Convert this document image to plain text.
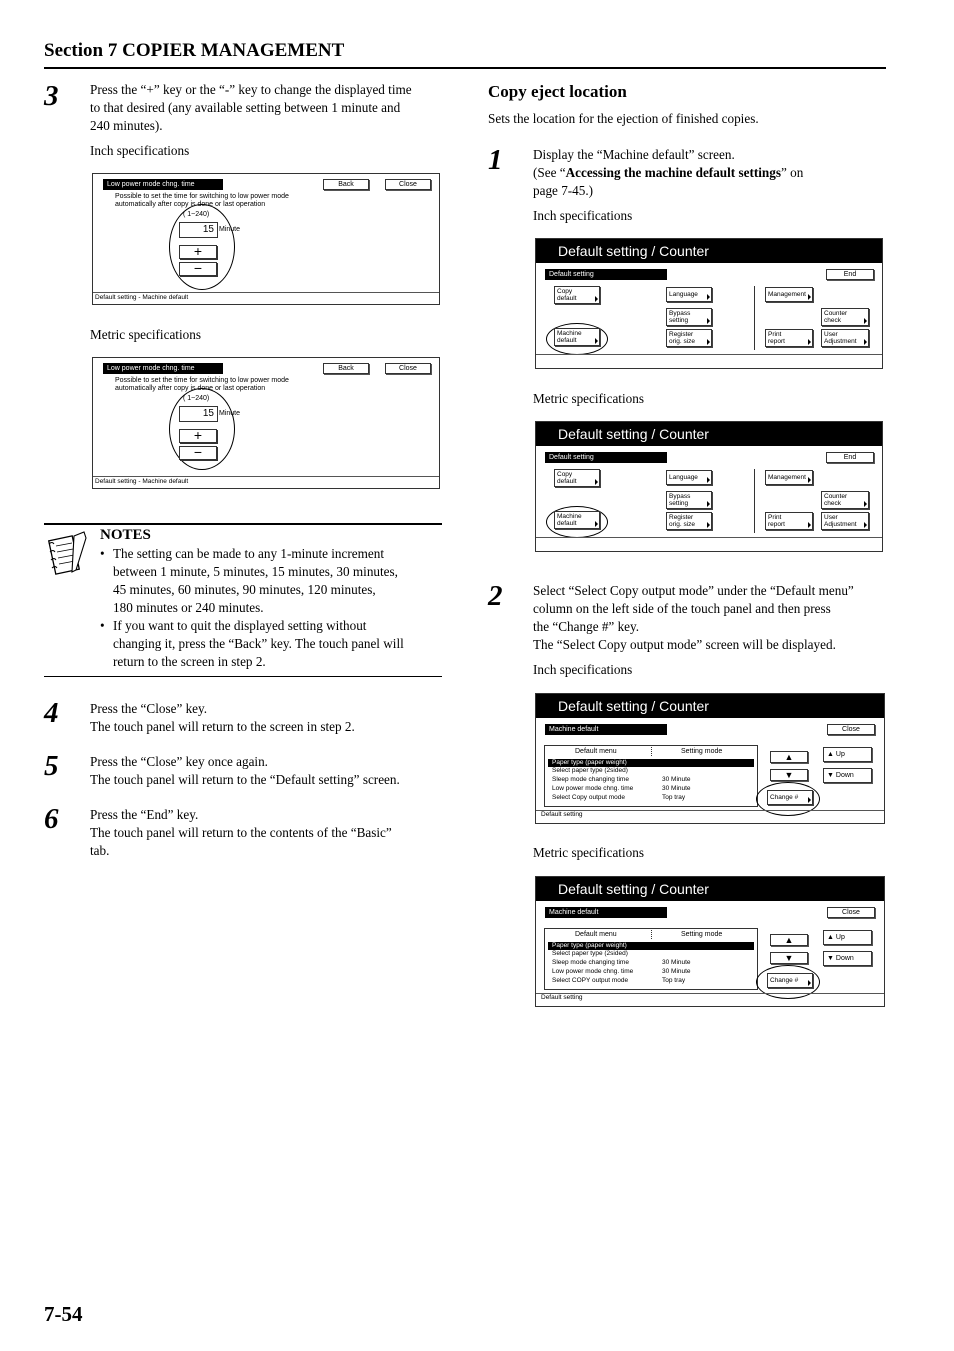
Section 7 COPIER MANAGEMENT
3 Press the “+” key or the “-” key to change the displayed time

to that desired (any available setting between 1 minute and

240 minutes).

Inch specifications
Low power mode chng. time	Back	Close
Possible to set the time for switching to low power mode
automatically after copy is done or last operation
( 1~240)
15 Minute
+
−
Default setting - Machine default
Metric specifications
Low power mode chng. time	Back	Close
Possible to set the time for switching to low power mode
automatically after copy is done or last operation
( 1~240)
15 Minute
+
−
Default setting - Machine default
NOTES
• The setting can be made to any 1-minute increment
between 1 minute, 5 minutes, 15 minutes, 30 minutes,
45 minutes, 60 minutes, 90 minutes, 120 minutes,
180 minutes or 240 minutes.
• If you want to quit the displayed setting without
changing it, press the “Back” key. The touch panel will
return to the screen in step 2.
4 Press the “Close” key.

The touch panel will return to the screen in step 2.

5 Press the “Close” key once again.

The touch panel will return to the “Default setting” screen.

6 Press the “End” key.

The touch panel will return to the contents of the “Basic”

tab.

Copy eject location
Sets the location for the ejection of finished copies.
1 Display the “Machine default” screen.

(See “Accessing the machine default settings” on

page 7-45.)

Inch specifications
Default setting / Counter
Default setting	End
Copy
default
Machine
default
Language
Bypass
setting
Register
orig. size
Management
Print
report
Counter
check
User
Adjustment
Metric specifications
Default setting / Counter
Default setting	End
Copy
default
Machine
default
Language
Bypass
setting
Register
orig. size
Management
Print
report
Counter
check
User
Adjustment
2 Select “Select Copy output mode” under the “Default menu”

column on the left side of the touch panel and then press

the “Change #” key.

The “Select Copy output mode” screen will be displayed.

Inch specifications
Default setting / Counter
Machine default	Close
Default menu	Setting mode
Paper type (paper weight)
Select paper type (2sided)
Sleep mode changing time	30 Minute
Low power mode chng. time	30 Minute
Select Copy output mode	Top tray
▲
▼
▲ Up
▼ Down
Change #
Default setting
Metric specifications
Default setting / Counter
Machine default	Close
Default menu	Setting mode
Paper type (paper weight)
Select paper type (2sided)
Sleep mode changing time	30 Minute
Low power mode chng. time	30 Minute
Select COPY output mode	Top tray
▲
▼
▲ Up
▼ Down
Change #
Default setting
7-54
